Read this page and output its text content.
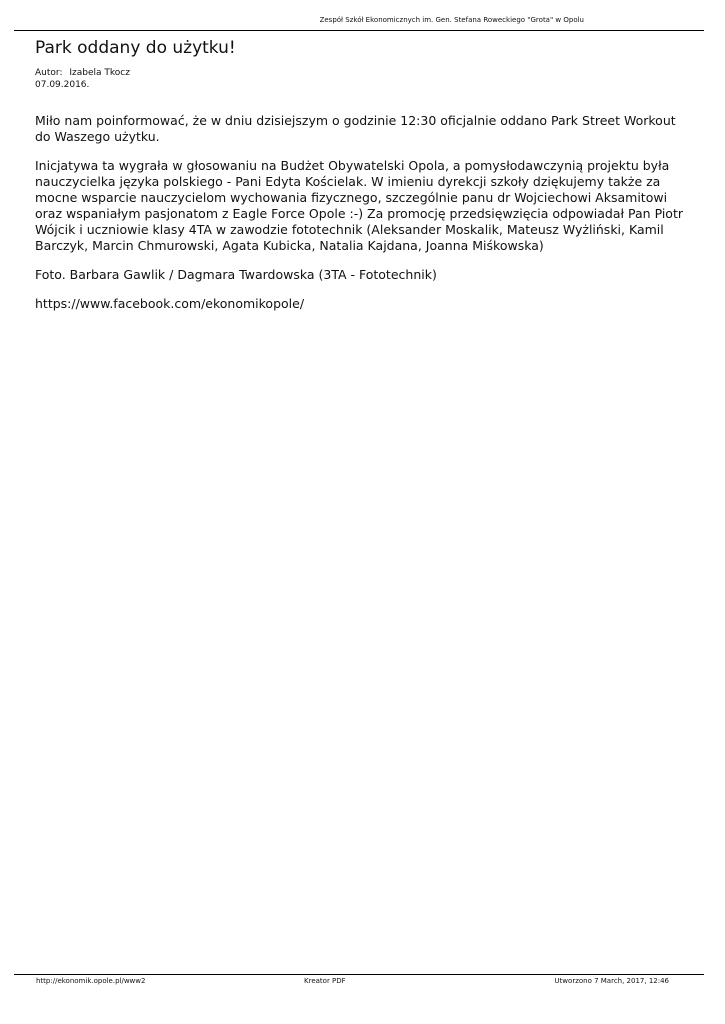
Zespół Szkół Ekonomicznych im. Gen. Stefana Roweckiego "Grota" w Opolu
Park oddany do użytku!
Autor: Izabela Tkocz
07.09.2016.

Miło nam poinformować, że w dniu dzisiejszym o godzinie 12:30 oficjalnie oddano Park Street Workout do Waszego użytku.

Inicjatywa ta wygrała w głosowaniu na Budżet Obywatelski Opola, a pomysłodawczynią projektu była nauczycielka języka polskiego - Pani Edyta Kościelak. W imieniu dyrekcji szkoły dziękujemy także za mocne wsparcie nauczycielom wychowania fizycznego, szczególnie panu dr Wojciechowi Aksamitowi oraz wspaniałym pasjonatom z Eagle Force Opole :-) Za promocję przedsięwzięcia odpowiadał Pan Piotr Wójcik i uczniowie klasy 4TA w zawodzie fototechnik (Aleksander Moskalik, Mateusz Wyżliński, Kamil Barczyk, Marcin Chmurowski, Agata Kubicka, Natalia Kajdana, Joanna Miśkowska)

Foto. Barbara Gawlik / Dagmara Twardowska (3TA - Fototechnik)

https://www.facebook.com/ekonomikopole/

http://ekonomik.opole.pl/www2	Kreator PDF	Utworzono 7 March, 2017, 12:46
